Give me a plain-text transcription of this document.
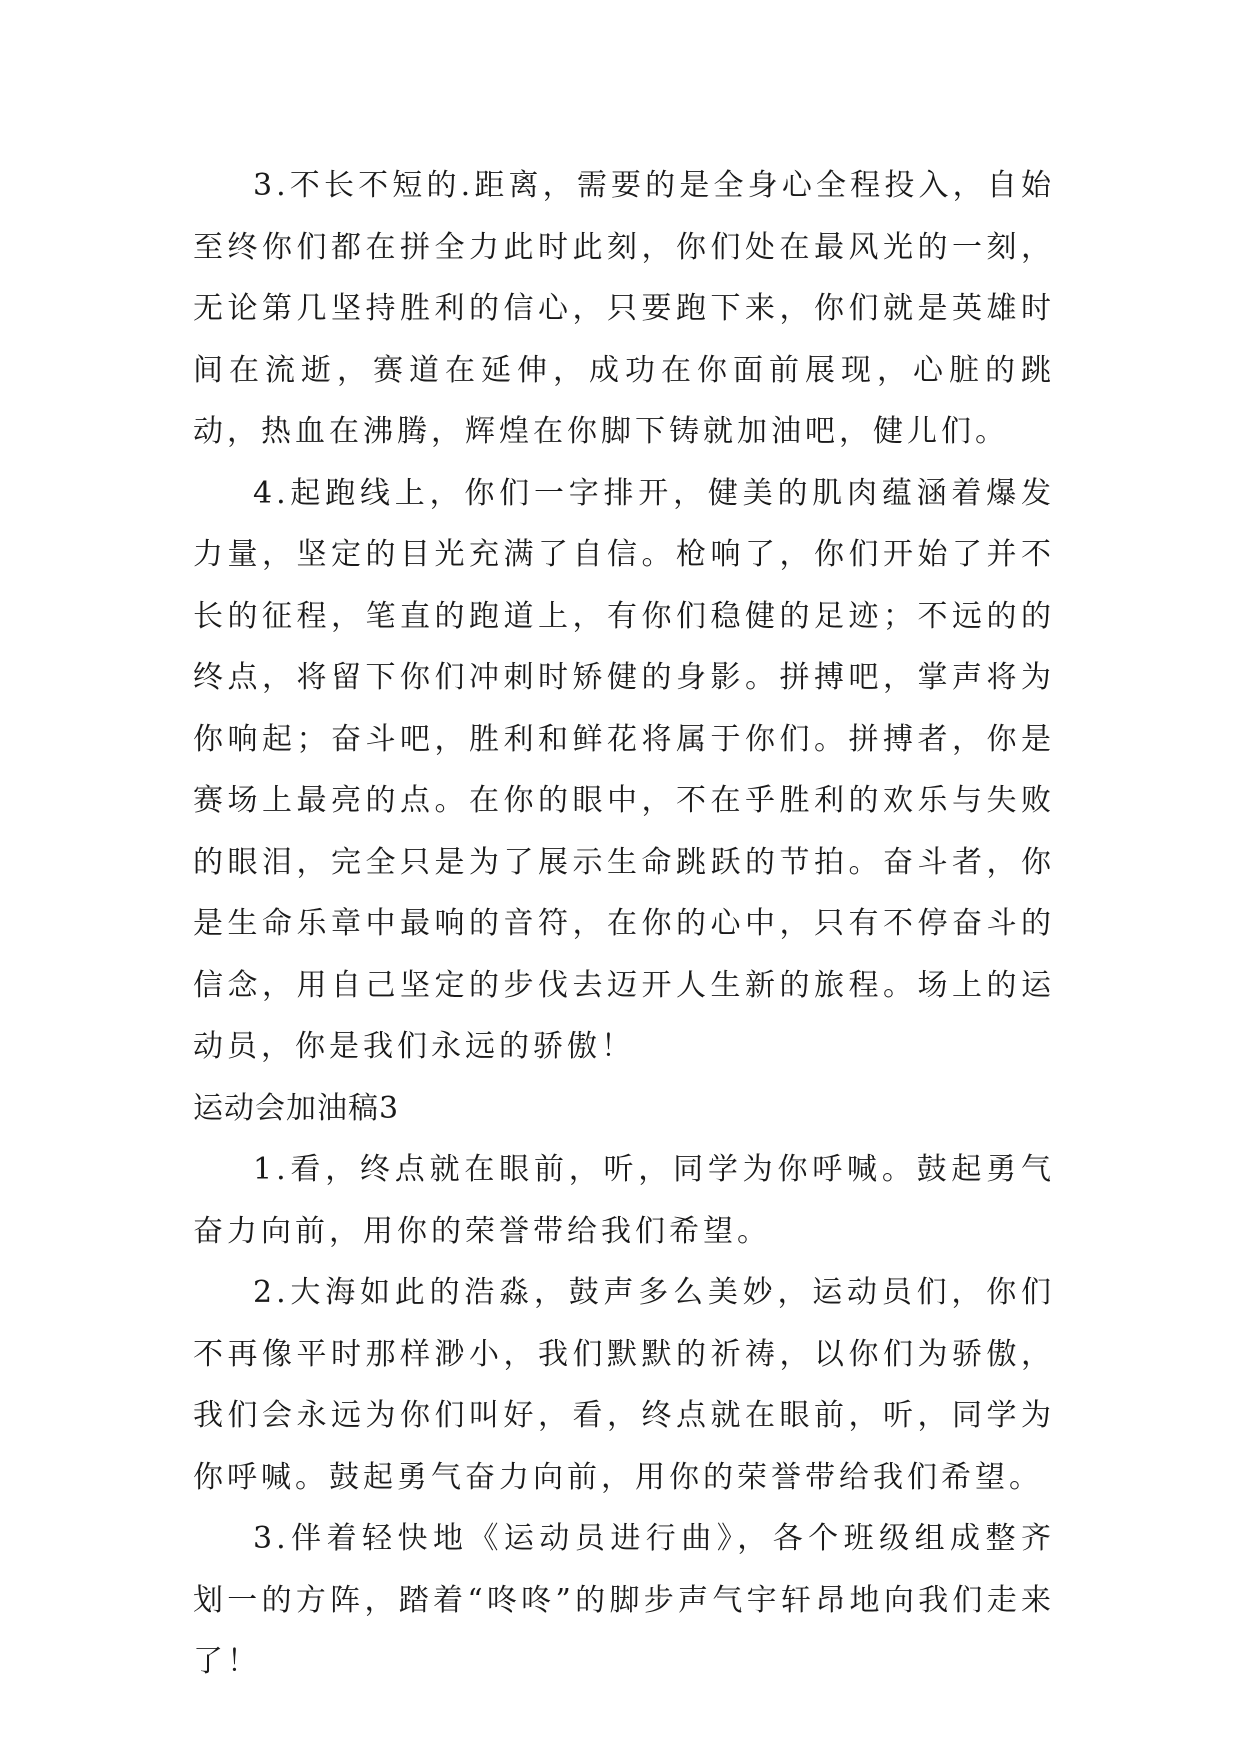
3.不长不短的.距离，需要的是全身心全程投入，自始至终你们都在拼全力此时此刻，你们处在最风光的一刻，无论第几坚持胜利的信心，只要跑下来，你们就是英雄时间在流逝，赛道在延伸，成功在你面前展现，心脏的跳动，热血在沸腾，辉煌在你脚下铸就加油吧，健儿们。

4.起跑线上，你们一字排开，健美的肌肉蕴涵着爆发力量，坚定的目光充满了自信。枪响了，你们开始了并不长的征程，笔直的跑道上，有你们稳健的足迹；不远的的终点，将留下你们冲刺时矫健的身影。拼搏吧，掌声将为你响起；奋斗吧，胜利和鲜花将属于你们。拼搏者，你是赛场上最亮的点。在你的眼中，不在乎胜利的欢乐与失败的眼泪，完全只是为了展示生命跳跃的节拍。奋斗者，你是生命乐章中最响的音符，在你的心中，只有不停奋斗的信念，用自己坚定的步伐去迈开人生新的旅程。场上的运动员，你是我们永远的骄傲！

运动会加油稿3

1.看，终点就在眼前，听，同学为你呼喊。鼓起勇气奋力向前，用你的荣誉带给我们希望。

2.大海如此的浩淼，鼓声多么美妙，运动员们，你们不再像平时那样渺小，我们默默的祈祷，以你们为骄傲，我们会永远为你们叫好，看，终点就在眼前，听，同学为你呼喊。鼓起勇气奋力向前，用你的荣誉带给我们希望。

3.伴着轻快地《运动员进行曲》，各个班级组成整齐划一的方阵，踏着“咚咚”的脚步声气宇轩昂地向我们走来了！
